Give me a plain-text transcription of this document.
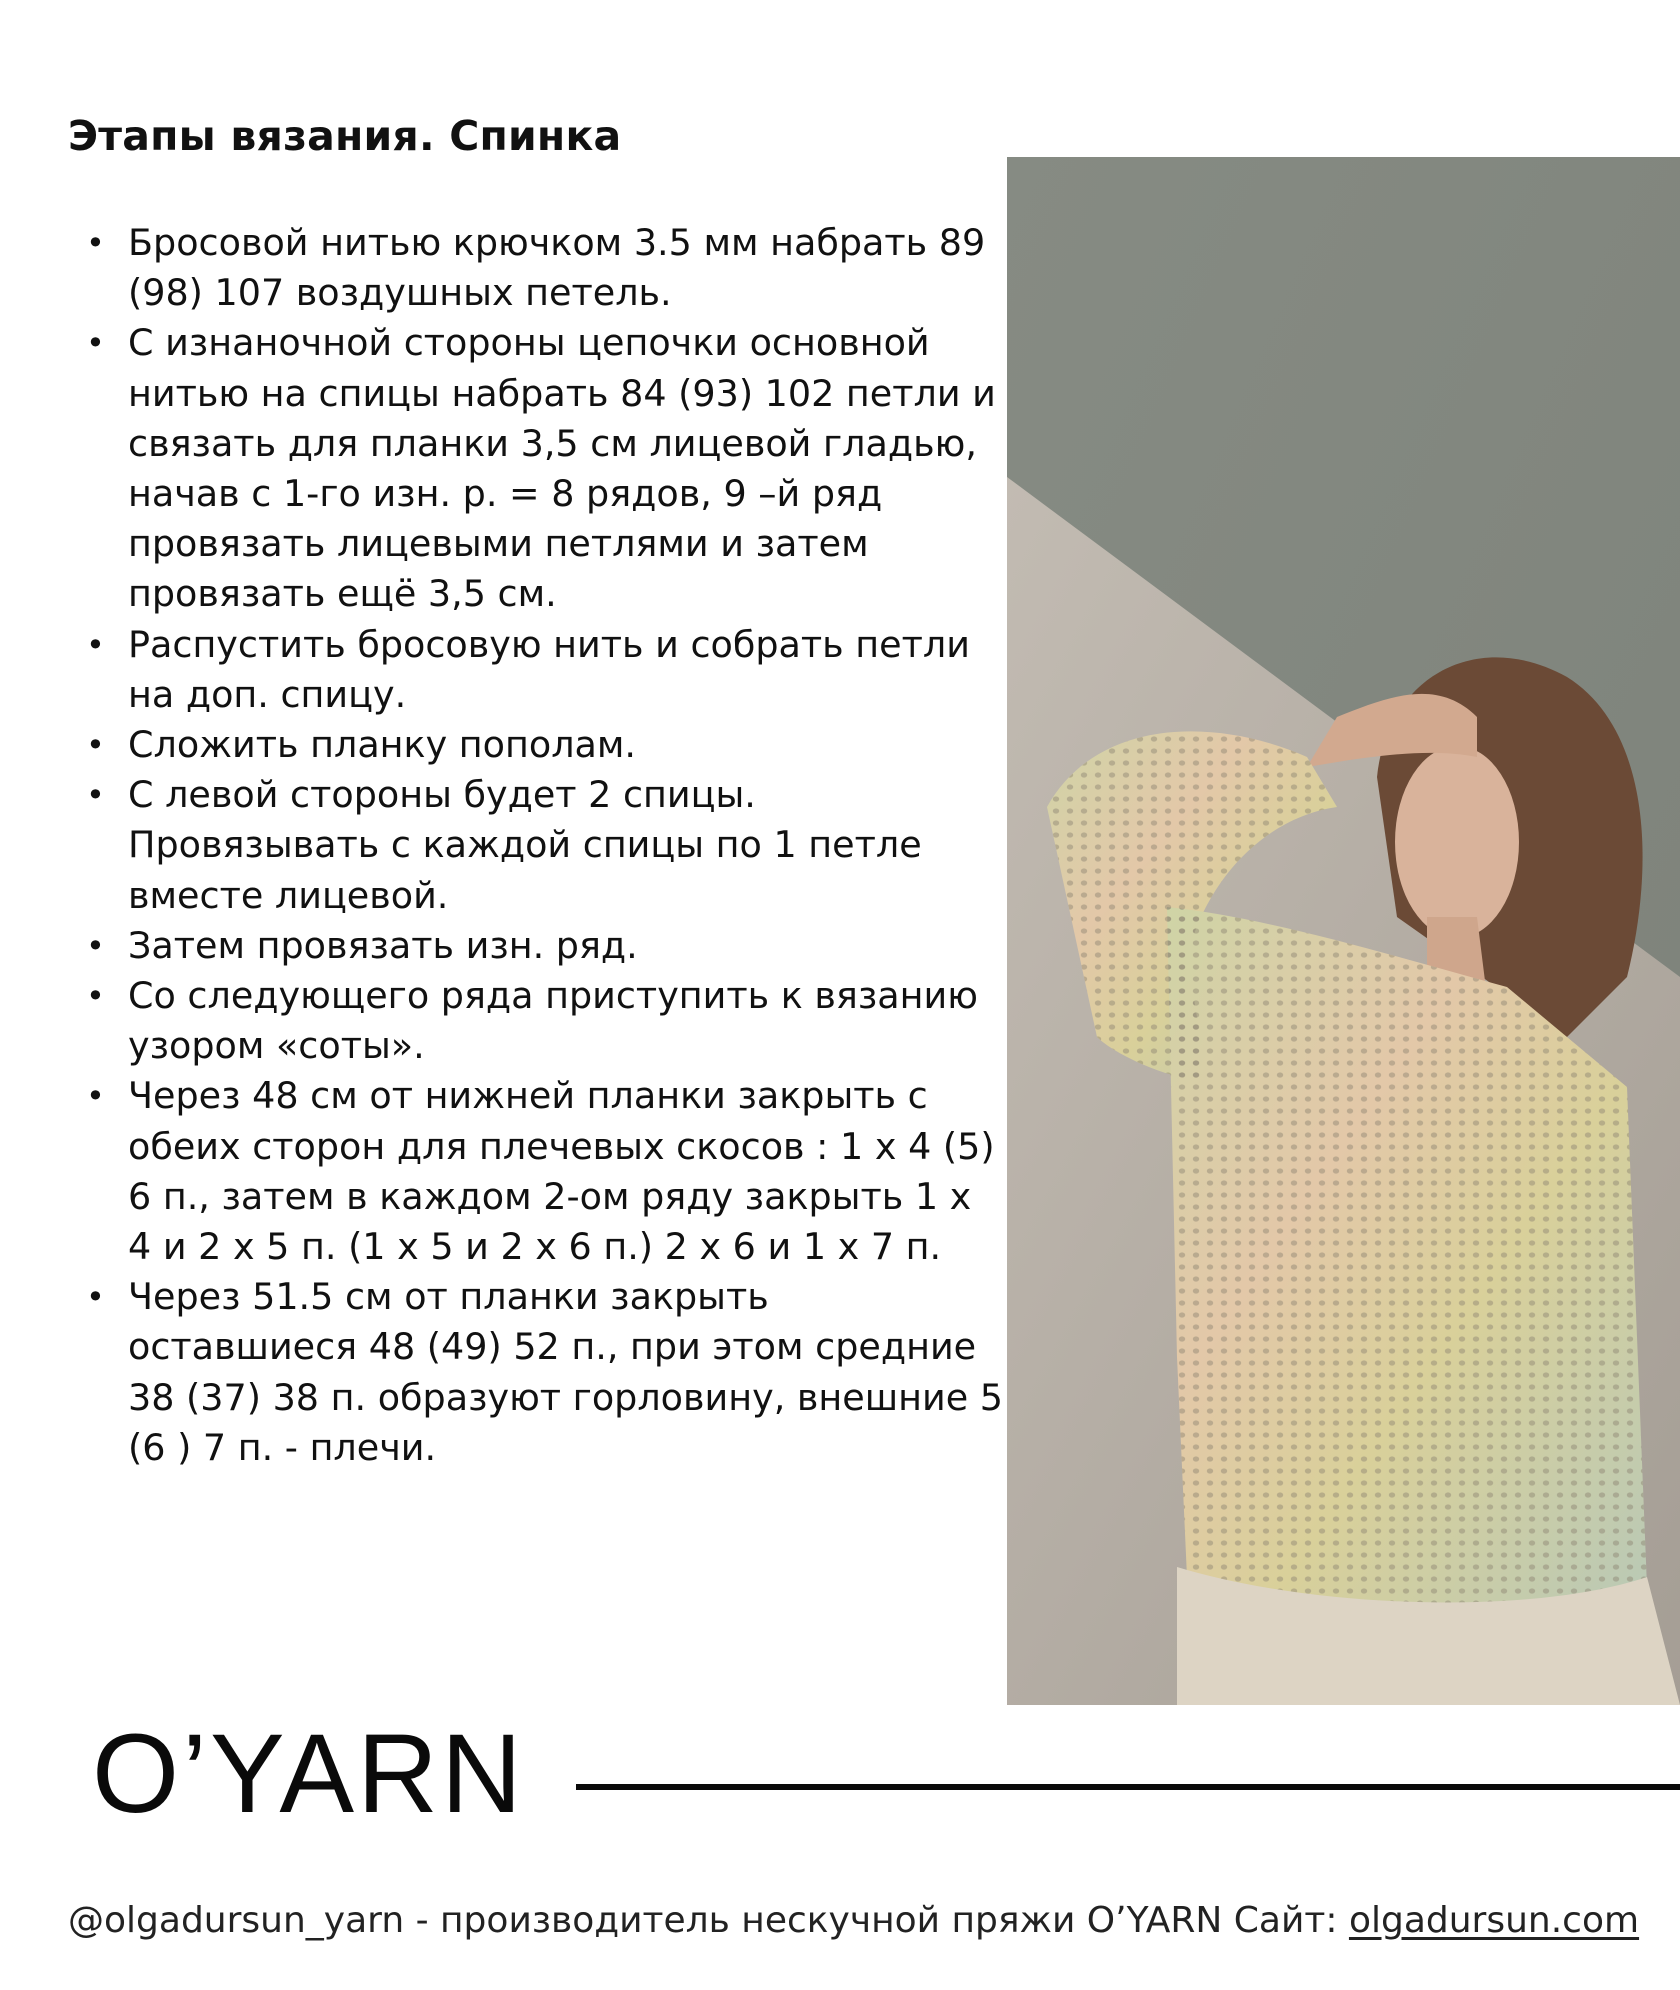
Этапы вязания. Спинка
• Бросовой нитью крючком 3.5 мм набрать 89 (98) 107 воздушных петель.
• С изнаночной стороны цепочки основной нитью на спицы набрать 84 (93) 102 петли и связать для планки 3,5 см лицевой гладью, начав с 1-го изн. р. = 8 рядов, 9 –й ряд провязать лицевыми петлями и затем провязать ещё 3,5 см.
• Распустить бросовую нить и собрать петли на доп. спицу.
• Сложить планку пополам.
• С левой стороны будет 2 спицы. Провязывать с каждой спицы по 1 петле вместе лицевой.
• Затем провязать изн. ряд.
• Со следующего ряда приступить к вязанию узором «соты».
• Через 48 см от нижней планки закрыть с обеих сторон для плечевых скосов : 1 х 4 (5) 6 п., затем в каждом 2-ом ряду закрыть 1 х 4 и 2 х 5 п. (1 х 5 и 2 х 6 п.) 2 х 6 и 1 х 7 п.
• Через 51.5 см от планки закрыть оставшиеся 48 (49) 52 п., при этом средние 38 (37) 38 п. образуют горловину, внешние 5 (6 ) 7 п. - плечи.
O’YARN
@olgadursun_yarn - производитель нескучной пряжи O’YARN Сайт: olgadursun.com
